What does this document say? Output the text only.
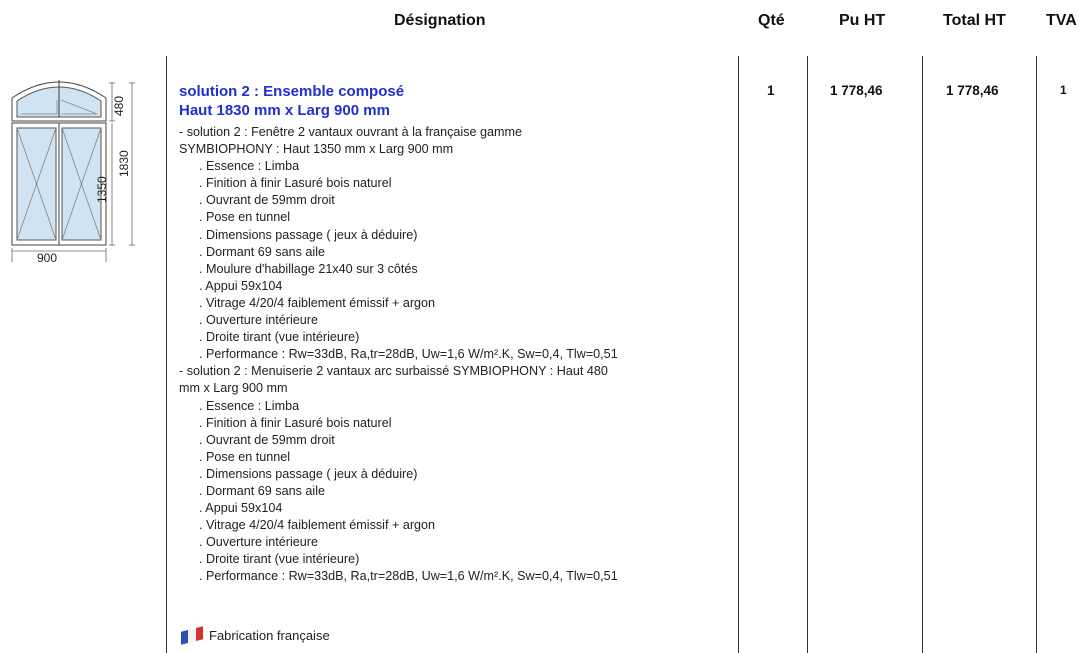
Désignation	Qté	Pu HT	Total HT	TVA
480
1350
1830
900
solution 2 : Ensemble composé
Haut 1830 mm x Larg 900 mm
- solution 2 : Fenêtre 2 vantaux ouvrant à la française gamme
SYMBIOPHONY : Haut 1350 mm x Larg 900 mm
. Essence : Limba
. Finition à finir Lasuré bois naturel
. Ouvrant de 59mm droit
. Pose en tunnel
. Dimensions passage ( jeux à déduire)
. Dormant 69 sans aile
. Moulure d'habillage 21x40 sur 3 côtés
. Appui 59x104
. Vitrage 4/20/4 faiblement émissif + argon
. Ouverture intérieure
. Droite tirant (vue intérieure)
. Performance : Rw=33dB, Ra,tr=28dB, Uw=1,6 W/m².K, Sw=0,4, Tlw=0,51
- solution 2 : Menuiserie 2 vantaux arc surbaissé SYMBIOPHONY : Haut 480
mm x Larg 900 mm
. Essence : Limba
. Finition à finir Lasuré bois naturel
. Ouvrant de 59mm droit
. Pose en tunnel
. Dimensions passage ( jeux à déduire)
. Dormant 69 sans aile
. Appui 59x104
. Vitrage 4/20/4 faiblement émissif + argon
. Ouverture intérieure
. Droite tirant (vue intérieure)
. Performance : Rw=33dB, Ra,tr=28dB, Uw=1,6 W/m².K, Sw=0,4, Tlw=0,51
1	1 778,46	1 778,46	1
Fabrication française
